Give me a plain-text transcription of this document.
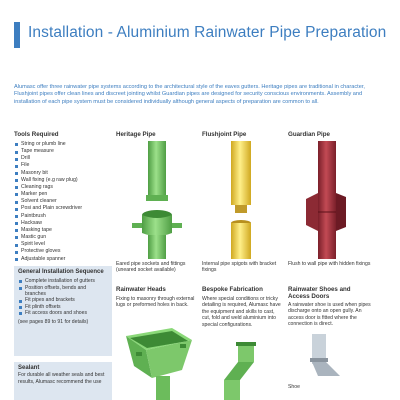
Installation - Aluminium Rainwater Pipe Preparation
Alumasc offer three rainwater pipe systems according to the architectural style of the eaves gutters. Heritage pipes are traditional in character, Flushjoint pipes offer clean lines and discreet jointing whilst Guardian pipes are designed for security conscious environments. Assembly and installation of each pipe system must be considered individually although general aspects of preparation are common to all.
Tools Required
String or plumb line
Tape measure
Drill
File
Masonry bit
Wall fixing (e.g raw plug)
Cleaning rags
Marker pen
Solvent cleaner
Posi and Plain screwdriver
Paintbrush
Hacksaw
Masking tape
Mastic gun
Spirit level
Protective gloves
Adjustable spanner
General Installation Sequence
Complete installation of gutters
Position offsets, bends and branches
Fit pipes and brackets
Fit plinth offsets
Fit access doors and shoes
(see pages 89 to 91 for details)
Sealant

For durable all weather seals and best results, Alumasc recommend the use

Heritage Pipe
Eared pipe sockets and fittings (uneared socket available)
Flushjoint Pipe
Internal pipe spigots with bracket fixings
Guardian Pipe
Flush to wall pipe with hidden fixings
Rainwater Heads
Fixing to masonry through external lugs or preformed holes in back.
Bespoke Fabrication
Where special conditions or tricky detailing is required, Alumasc have the equipment and skills to cast, cut, fold and weld aluminium into special configurations.
Rainwater Shoes and Access Doors
A rainwater shoe is used when pipes discharge onto an open gully. An access door is fitted where the connection is direct.
Shoe
